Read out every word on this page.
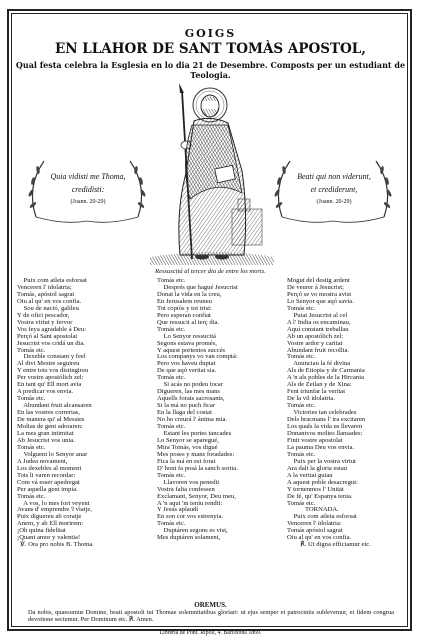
GOIGS
EN LLAHOR DE SANT TOMÀS APOSTOL,
Qual festa celebra la Esglesia en lo dia 21 de Desembre. Composts per un estudiant de Teologia.
Quia vidisti me Thoma,
credidisti:
(Joann. 20-29)
Beati qui non viderunt,
et crediderunt,
(Joann. 20-29)
Ressuscitá al tercer dia de entre los morts.
Puix com atleta esforsat
Venceren l' idolatria;
Tomás, apóstol sagrat
Oiu al qu' en vos confia.
Sou de nació, galileu
Y de ofici pescador,
Vostra virtut y fervor
Vos feya agradable á Deu:
Perçó al Sant apostolat
Jesucrist vos cridá un dia.
Tomás etc.
Dexeble constant y feel
Al divi Mestre seguireu
Y entre tots vos distingireu
Per vostre apostólich zel:
En tant qu' Ell mort avia
A predicar vos envia.
Tomás etc.
Abundant fruit alcansaren
En las vostres correrias,
De manera qu' al Messies
Moltas de gent adoraren:
La mes gran intimitat
Ab Jesucrist vos unia.
Tomás etc.
Volguent lo Senyor anar
A Judea novament,
Los dexebles al moment
Tots li varen recordar:
Com vá esser apedregat
Per aquella gent impia.
Tomás etc.
A vos, lo mes fort veyent
Avans d' emprendre 'l viatje,
Puix diguereu ab coratje
Anem, y ab Ell morirem:
¡Oh quina fidelitat
¡Quant amor y valentia!
℣. Ora pro nobis B. Thoma.
Tomás etc.
Després que hagué Jesucrist
Donat la vida en la creu,
En Jerusalem reuneu
Tot copiòs y tot trist:
Pero esperan confiat
Que ressucit al terç dia.
Tomás etc.
Lo Senyor ressucitá
Segons estava promés,
Y aquest portentos succés
Los companys vo van comptá:
Pero vos haveu duptat
De que aqó veritat sia.
Tomás etc.
Si acás no podeu tocar
Digueren, las mes mans
Aquells forats sacrosants,
Si la má no puch ficar
En la llaga del costat
No ho creurá l' ánima mia.
Tomás etc.
Estant les portes tancades
Lo Senyor se aparegué,
Mira Tomás, vos digué
Mes poses y mans foradades:
Fica la má en est forat
D' hont fa posá la sanch sortia.
Tomás etc.
Llavoren vos penedit
Vostra falta confessen
Exclamant, Senyor, Deu meu,
A 'n aqui 'm teniu rendit:
Y Jesús aplaudí
En son cor vos estrenyia.
Tomás etc.
Duptáren segons es vist,
Mes duptáren solament,
Mogut del desitg ardent
De veurer á Jesucrist;
Perçó se vo mostra avist
Lo Senyor que aqó savia.
Tomás etc.
Puiat Jesucrist al cel
A l' India os encaminau,
Aquí constant treballau
Ab un apostólich zel:
Vostre ardor y caritat
Abundant fruit recollia.
Tomás etc.
Anunciau la fé divina
Als de Etiopia y de Carmania
A 'n als pobles de la Hircania
Als de Zeilan y de Xina:
Fent triunfar la veritat
De la vil idolatria.
Tomás etc.
Victories tan celebrades
Dels bracmans l' ira excitaren
Los quals la vida us llevaren
Donantvos moltes llansades:
Finit vostre apostolat
La pauma Deu vos envia.
Tomás etc.
Puix per la vostra virtut
Ara dalt la gloria estau
A la veritat guiau
A aquest poble desacregut:
Y tornenmos l' Unitat
De fé, qu' Espanya tenia.
Tomás etc.
TORNADA.
Puix com atleta esforsat
Venceren l' idolatria:
Tomás apóstol sagrat
Oiu al qu' en vos confia.
℟. Ut digna efficiamur etc.
OREMUS.
Da nobis, quaesumus Domine, beati apostoli tui Thomae solemnitatibus gloriari: ut ejus semper et patrociniis sublevemur, et fidem congrua devotione sectemur. Per Dominum etc. ℟. Amen.
Librería de Pont. Ripoll, 4. Barcelona 1869.
